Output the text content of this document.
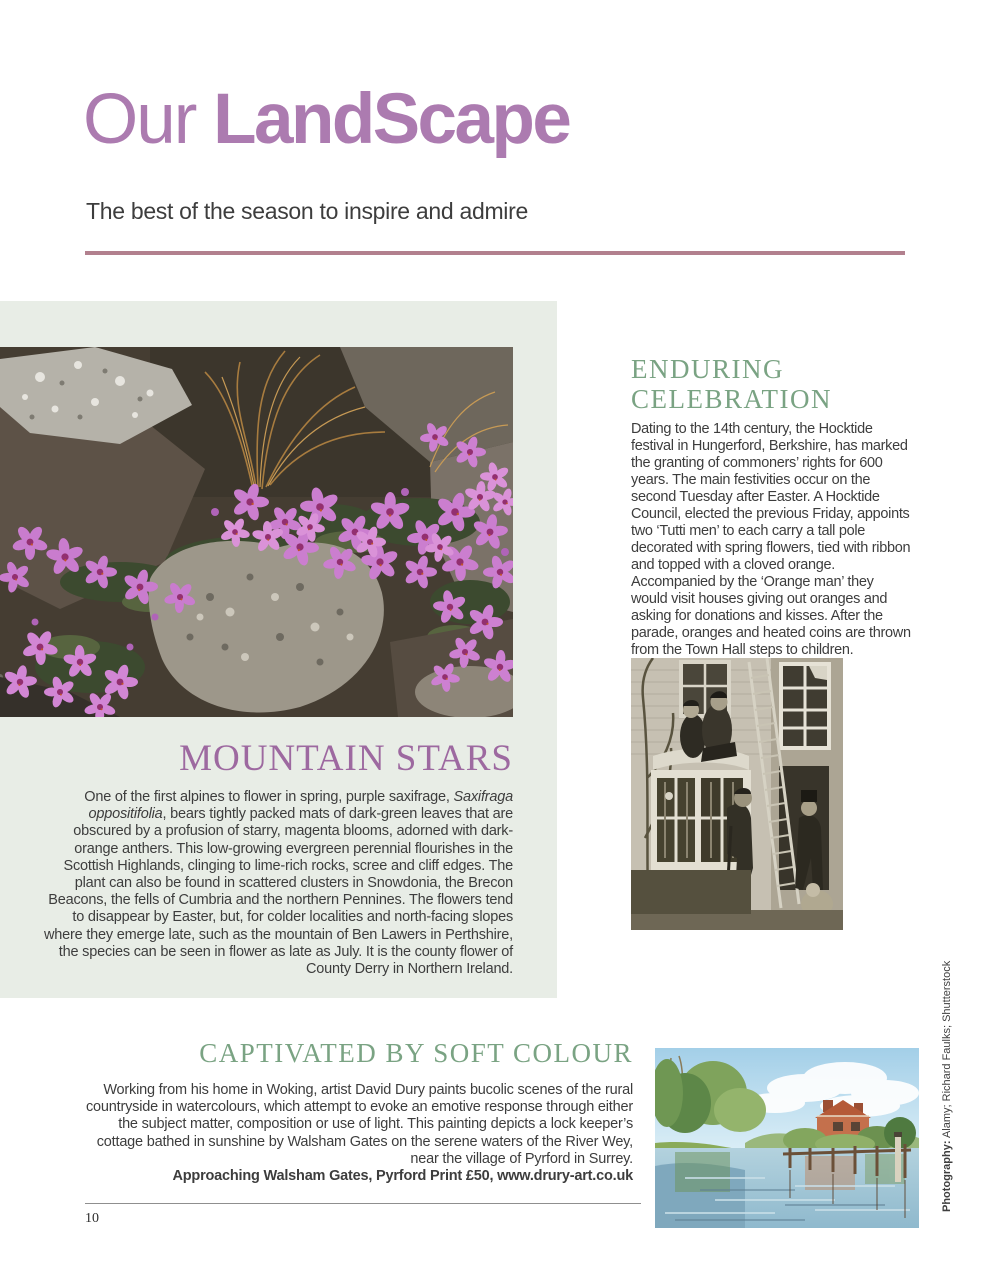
Our LandScape

The best of the season to inspire and admire

MOUNTAIN STARS

One of the first alpines to flower in spring, purple saxifrage, Saxifraga oppositifolia, bears tightly packed mats of dark-green leaves that are obscured by a profusion of starry, magenta blooms, adorned with dark-orange anthers. This low-growing evergreen perennial flourishes in the Scottish Highlands, clinging to lime-rich rocks, scree and cliff edges. The plant can also be found in scattered clusters in Snowdonia, the Brecon Beacons, the fells of Cumbria and the northern Pennines. The flowers tend to disappear by Easter, but, for colder localities and north-facing slopes where they emerge late, such as the mountain of Ben Lawers in Perthshire, the species can be seen in flower as late as July. It is the county flower of County Derry in Northern Ireland.

ENDURING CELEBRATION

Dating to the 14th century, the Hocktide festival in Hungerford, Berkshire, has marked the granting of commoners’ rights for 600 years. The main festivities occur on the second Tuesday after Easter. A Hocktide Council, elected the previous Friday, appoints two ‘Tutti men’ to each carry a tall pole decorated with spring flowers, tied with ribbon and topped with a cloved orange. Accompanied by the ‘Orange man’ they would visit houses giving out oranges and asking for donations and kisses. After the parade, oranges and heated coins are thrown from the Town Hall steps to children.

CAPTIVATED BY SOFT COLOUR

Working from his home in Woking, artist David Dury paints bucolic scenes of the rural countryside in watercolours, which attempt to evoke an emotive response through either the subject matter, composition or use of light. This painting depicts a lock keeper’s cottage bathed in sunshine by Walsham Gates on the serene waters of the River Wey, near the village of Pyrford in Surrey.
Approaching Walsham Gates, Pyrford Print £50, www.drury-art.co.uk	Photography: Alamy; Richard Faulks; Shutterstock
10
